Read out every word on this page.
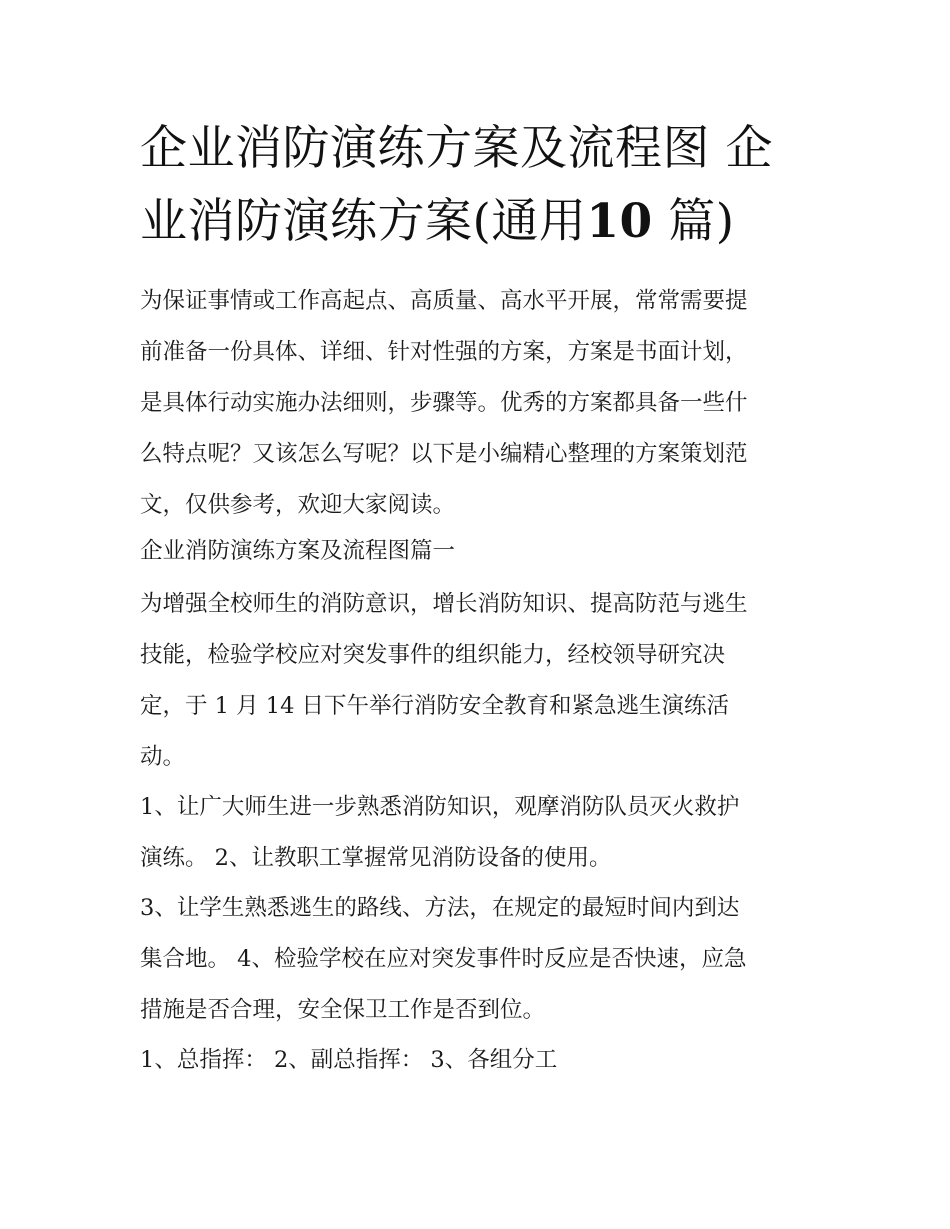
企业消防演练方案及流程图 企
业消防演练方案(通用10 篇)
为保证事情或工作高起点、高质量、高水平开展，常常需要提
前准备一份具体、详细、针对性强的方案，方案是书面计划，
是具体行动实施办法细则，步骤等。优秀的方案都具备一些什
么特点呢？又该怎么写呢？以下是小编精心整理的方案策划范
文，仅供参考，欢迎大家阅读。
企业消防演练方案及流程图篇一
为增强全校师生的消防意识，增长消防知识、提高防范与逃生
技能，检验学校应对突发事件的组织能力，经校领导研究决
定，于 1 月 14 日下午举行消防安全教育和紧急逃生演练活
动。
1、让广大师生进一步熟悉消防知识，观摩消防队员灭火救护
演练。 2、让教职工掌握常见消防设备的使用。
3、让学生熟悉逃生的路线、方法，在规定的最短时间内到达
集合地。 4、检验学校在应对突发事件时反应是否快速，应急
措施是否合理，安全保卫工作是否到位。
1、总指挥： 2、副总指挥： 3、各组分工
